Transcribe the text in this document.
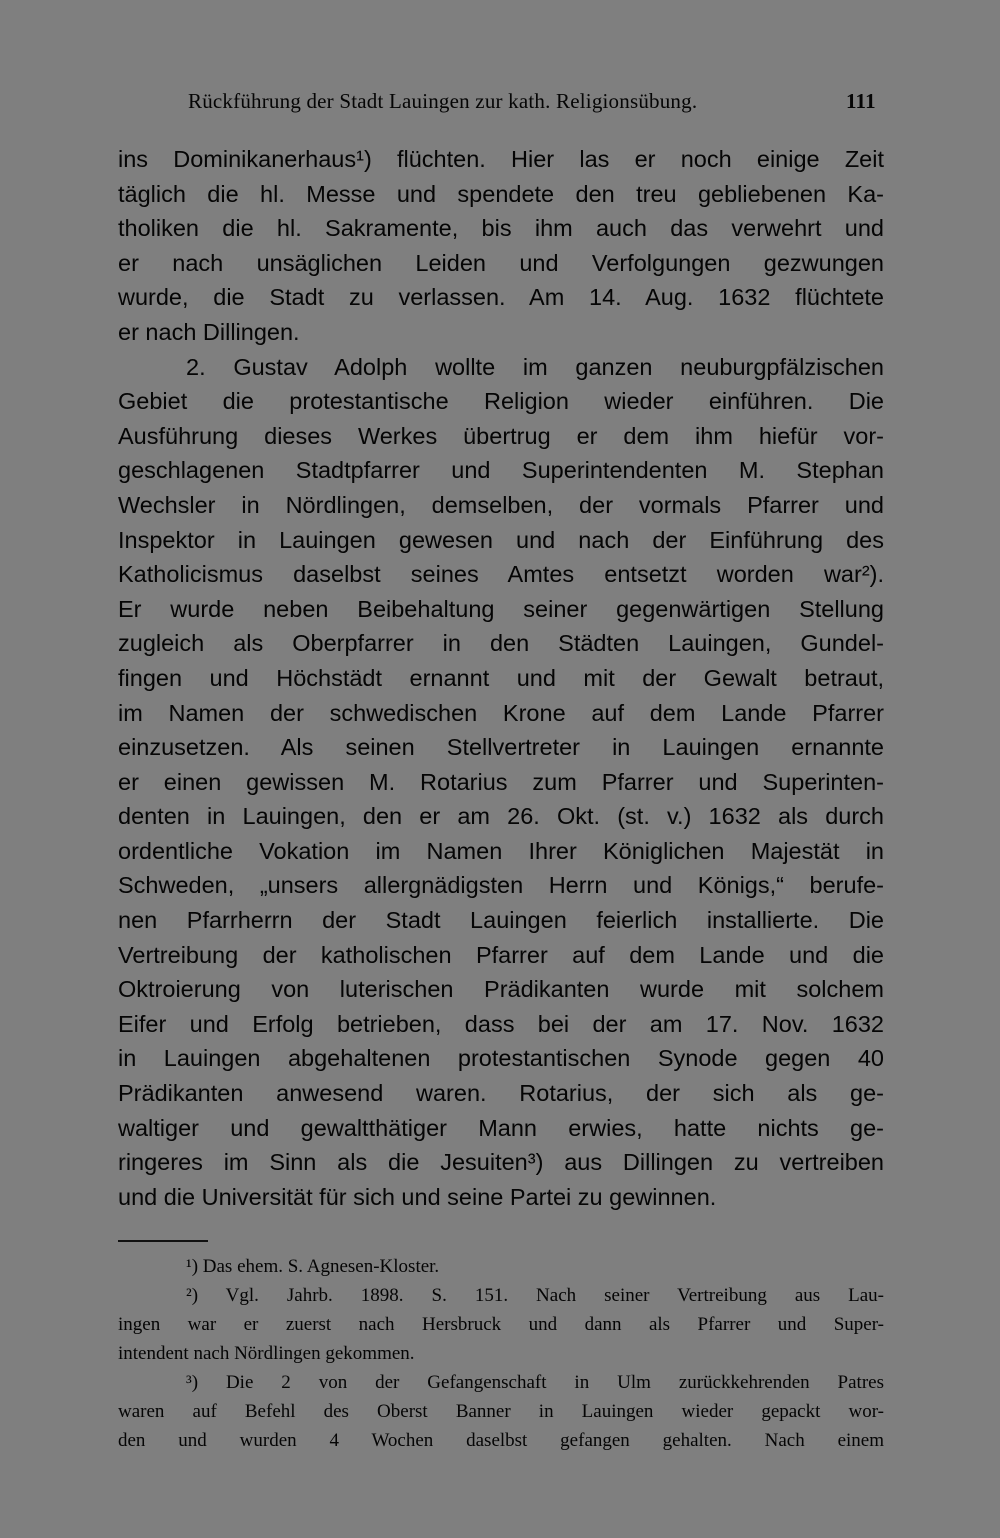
Rückführung der Stadt Lauingen zur kath. Religionsübung.	111
ins Dominikanerhaus¹) flüchten. Hier las er noch einige Zeit
täglich die hl. Messe und spendete den treu gebliebenen Ka-
tholiken die hl. Sakramente, bis ihm auch das verwehrt und
er nach unsäglichen Leiden und Verfolgungen gezwungen
wurde, die Stadt zu verlassen. Am 14. Aug. 1632 flüchtete
er nach Dillingen.
2. Gustav Adolph wollte im ganzen neuburgpfälzischen
Gebiet die protestantische Religion wieder einführen. Die
Ausführung dieses Werkes übertrug er dem ihm hiefür vor-
geschlagenen Stadtpfarrer und Superintendenten M. Stephan
Wechsler in Nördlingen, demselben, der vormals Pfarrer und
Inspektor in Lauingen gewesen und nach der Einführung des
Katholicismus daselbst seines Amtes entsetzt worden war²).
Er wurde neben Beibehaltung seiner gegenwärtigen Stellung
zugleich als Oberpfarrer in den Städten Lauingen, Gundel-
fingen und Höchstädt ernannt und mit der Gewalt betraut,
im Namen der schwedischen Krone auf dem Lande Pfarrer
einzusetzen. Als seinen Stellvertreter in Lauingen ernannte
er einen gewissen M. Rotarius zum Pfarrer und Superinten-
denten in Lauingen, den er am 26. Okt. (st. v.) 1632 als durch
ordentliche Vokation im Namen Ihrer Königlichen Majestät in
Schweden, „unsers allergnädigsten Herrn und Königs,“ berufe-
nen Pfarrherrn der Stadt Lauingen feierlich installierte. Die
Vertreibung der katholischen Pfarrer auf dem Lande und die
Oktroierung von luterischen Prädikanten wurde mit solchem
Eifer und Erfolg betrieben, dass bei der am 17. Nov. 1632
in Lauingen abgehaltenen protestantischen Synode gegen 40
Prädikanten anwesend waren. Rotarius, der sich als ge-
waltiger und gewaltthätiger Mann erwies, hatte nichts ge-
ringeres im Sinn als die Jesuiten³) aus Dillingen zu vertreiben
und die Universität für sich und seine Partei zu gewinnen.
¹) Das ehem. S. Agnesen-Kloster.
²) Vgl. Jahrb. 1898. S. 151. Nach seiner Vertreibung aus Lau-
ingen war er zuerst nach Hersbruck und dann als Pfarrer und Super-
intendent nach Nördlingen gekommen.
³) Die 2 von der Gefangenschaft in Ulm zurückkehrenden Patres
waren auf Befehl des Oberst Banner in Lauingen wieder gepackt wor-
den und wurden 4 Wochen daselbst gefangen gehalten. Nach einem
